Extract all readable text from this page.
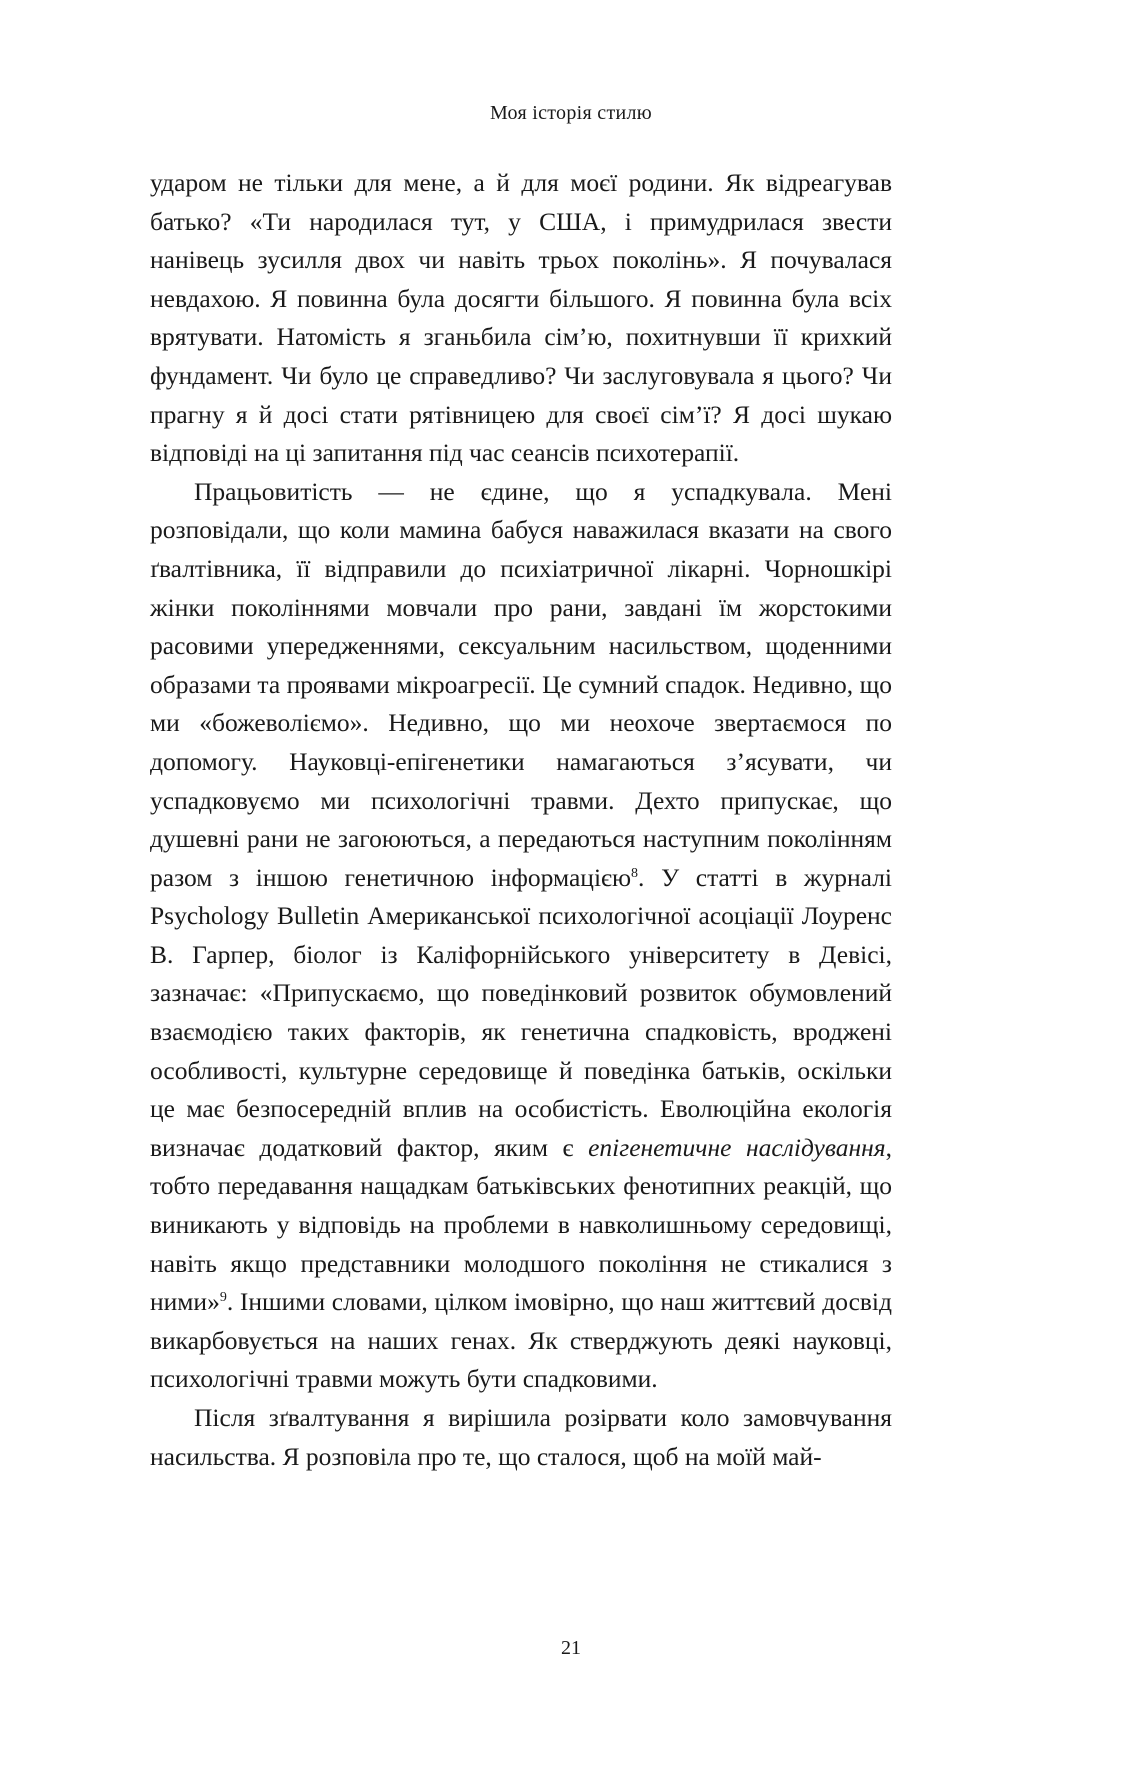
Моя історія стилю

ударом не тільки для мене, а й для моєї родини. Як відреагував батько? «Ти народилася тут, у США, і примудрилася звести нанівець зусилля двох чи навіть трьох поколінь». Я почувалася невдахою. Я повинна була досягти більшого. Я повинна була всіх врятувати. Натомість я зганьбила сім’ю, похитнувши її крихкий фундамент. Чи було це справедливо? Чи заслуговувала я цього? Чи прагну я й досі стати рятівницею для своєї сім’ї? Я досі шукаю відповіді на ці запитання під час сеансів психотерапії.

Працьовитість — не єдине, що я успадкувала. Мені розповідали, що коли мамина бабуся наважилася вказати на свого ґвалтівника, її відправили до психіатричної лікарні. Чорношкірі жінки поколіннями мовчали про рани, завдані їм жорстокими расовими упередженнями, сексуальним насильством, щоденними образами та проявами мікроагресії. Це сумний спадок. Недивно, що ми «божеволіємо». Недивно, що ми неохоче звертаємося по допомогу. Науковці-епігенетики намагаються з’ясувати, чи успадковуємо ми психологічні травми. Дехто припускає, що душевні рани не загоюються, а передаються наступним поколінням разом з іншою генетичною інформацією$^8$. У статті в журналі Psychology Bulletin Американської психологічної асоціації Лоуренс В. Гарпер, біолог із Каліфорнійського університету в Девісі, зазначає: «Припускаємо, що поведінковий розвиток обумовлений взаємодією таких факторів, як генетична спадковість, вроджені особливості, культурне середовище й поведінка батьків, оскільки це має безпосередній вплив на особистість. Еволюційна екологія визначає додатковий фактор, яким є епігенетичне наслідування, тобто передавання нащадкам батьківських фенотипних реакцій, що виникають у відповідь на проблеми в навколишньому середовищі, навіть якщо представники молодшого покоління не стикалися з ними»$^9$. Іншими словами, цілком імовірно, що наш життєвий досвід викарбовується на наших генах. Як стверджують деякі науковці, психологічні травми можуть бути спадковими.

Після зґвалтування я вирішила розірвати коло замовчування насильства. Я розповіла про те, що сталося, щоб на моїй май-

21
